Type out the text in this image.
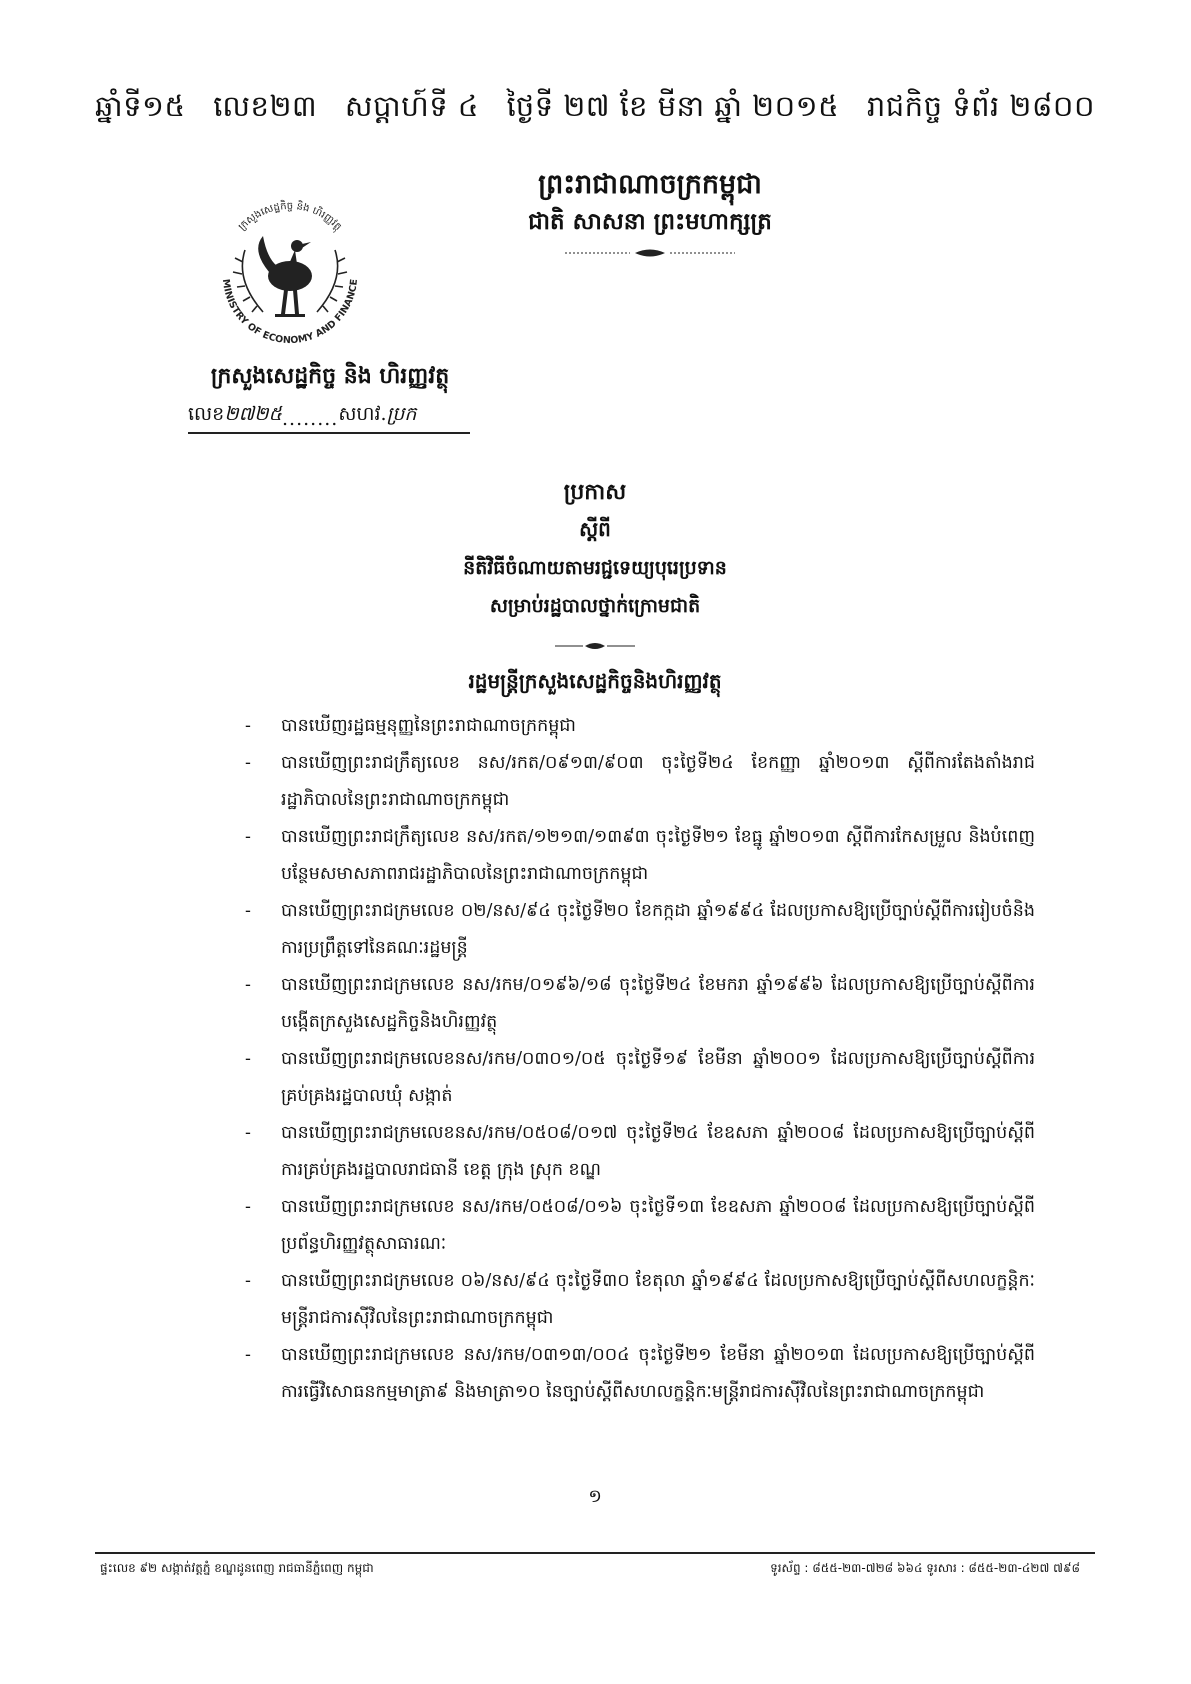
ឆ្នាំទី១៥ លេខ២៣ សប្តាហ៍ទី ៤ ថ្ងៃទី ២៧ ខែ មីនា ឆ្នាំ ២០១៥ រាជកិច្ច ទំព័រ ២៨០០
ក្រសួងសេដ្ឋកិច្ច និង ហិរញ្ញវត្ថុ
MINISTRY OF ECONOMY AND FINANCE
ព្រះរាជាណាចក្រកម្ពុជា
ជាតិ សាសនា ព្រះមហាក្សត្រ
ក្រសួងសេដ្ឋកិច្ច និង ហិរញ្ញវត្ថុ
លេខ ២៧២៥ ........ សហវ. ប្រក
ប្រកាស
ស្តីពី
នីតិវិធីចំណាយតាមរជ្ជទេយ្យបុរេប្រទាន
សម្រាប់រដ្ឋបាលថ្នាក់ក្រោមជាតិ
រដ្ឋមន្ត្រីក្រសួងសេដ្ឋកិច្ចនិងហិរញ្ញវត្ថុ
- បានឃើញរដ្ឋធម្មនុញ្ញនៃព្រះរាជាណាចក្រកម្ពុជា
- បានឃើញព្រះរាជក្រឹត្យលេខ នស/រកត/០៩១៣/៩០៣ ចុះថ្ងៃទី២៤ ខែកញ្ញា ឆ្នាំ២០១៣ ស្តីពីការតែងតាំងរាជរដ្ឋាភិបាលនៃព្រះរាជាណាចក្រកម្ពុជា
- បានឃើញព្រះរាជក្រឹត្យលេខ នស/រកត/១២១៣/១៣៩៣ ចុះថ្ងៃទី២១ ខែធ្នូ ឆ្នាំ២០១៣ ស្តីពីការកែសម្រួល និងបំពេញបន្ថែមសមាសភាពរាជរដ្ឋាភិបាលនៃព្រះរាជាណាចក្រកម្ពុជា
- បានឃើញព្រះរាជក្រមលេខ ០២/នស/៩៤ ចុះថ្ងៃទី២០ ខែកក្កដា ឆ្នាំ១៩៩៤ ដែលប្រកាសឱ្យប្រើច្បាប់ស្តីពីការរៀបចំនិងការប្រព្រឹត្តទៅនៃគណៈរដ្ឋមន្ត្រី
- បានឃើញព្រះរាជក្រមលេខ នស/រកម/០១៩៦/១៨ ចុះថ្ងៃទី២៤ ខែមករា ឆ្នាំ១៩៩៦ ដែលប្រកាសឱ្យប្រើច្បាប់ស្តីពីការបង្កើតក្រសួងសេដ្ឋកិច្ចនិងហិរញ្ញវត្ថុ
- បានឃើញព្រះរាជក្រមលេខនស/រកម/០៣០១/០៥ ចុះថ្ងៃទី១៩ ខែមីនា ឆ្នាំ២០០១ ដែលប្រកាសឱ្យប្រើច្បាប់ស្តីពីការគ្រប់គ្រងរដ្ឋបាលឃុំ សង្កាត់
- បានឃើញព្រះរាជក្រមលេខនស/រកម/០៥០៨/០១៧ ចុះថ្ងៃទី២៤ ខែឧសភា ឆ្នាំ២០០៨ ដែលប្រកាសឱ្យប្រើច្បាប់ស្តីពីការគ្រប់គ្រងរដ្ឋបាលរាជធានី ខេត្ត ក្រុង ស្រុក ខណ្ឌ
- បានឃើញព្រះរាជក្រមលេខ នស/រកម/០៥០៨/០១៦ ចុះថ្ងៃទី១៣ ខែឧសភា ឆ្នាំ២០០៨ ដែលប្រកាសឱ្យប្រើច្បាប់ស្តីពីប្រព័ន្ធហិរញ្ញវត្ថុសាធារណៈ
- បានឃើញព្រះរាជក្រមលេខ ០៦/នស/៩៤ ចុះថ្ងៃទី៣០ ខែតុលា ឆ្នាំ១៩៩៤ ដែលប្រកាសឱ្យប្រើច្បាប់ស្តីពីសហលក្ខន្តិកៈមន្ត្រីរាជការស៊ីវិលនៃព្រះរាជាណាចក្រកម្ពុជា
- បានឃើញព្រះរាជក្រមលេខ នស/រកម/០៣១៣/០០៤ ចុះថ្ងៃទី២១ ខែមីនា ឆ្នាំ២០១៣ ដែលប្រកាសឱ្យប្រើច្បាប់ស្តីពីការធ្វើវិសោធនកម្មមាត្រា៩ និងមាត្រា១០ នៃច្បាប់ស្តីពីសហលក្ខន្តិកៈមន្ត្រីរាជការស៊ីវិលនៃព្រះរាជាណាចក្រកម្ពុជា
១
ផ្ទះលេខ ៩២ សង្កាត់វត្តភ្នំ ខណ្ឌដូនពេញ រាជធានីភ្នំពេញ កម្ពុជា	ទូរស័ព្ទ : ៨៥៥-២៣-៧២៨ ៦៦៤ ទូរសារ : ៨៥៥-២៣-៤២៧ ៧៩៨
